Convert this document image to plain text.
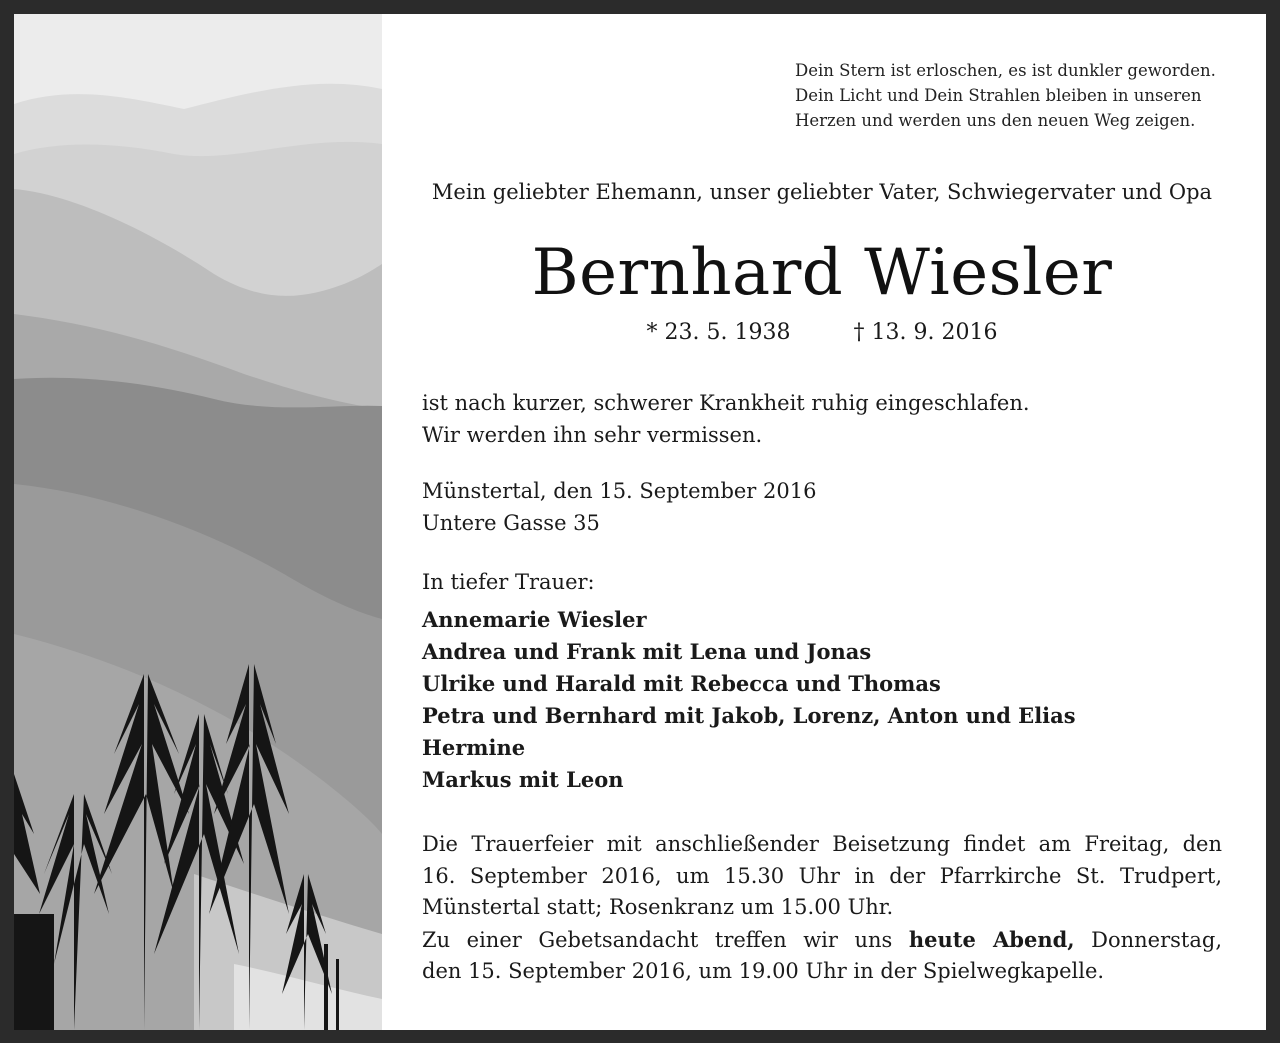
Dein Stern ist erloschen, es ist dunkler geworden.
Dein Licht und Dein Strahlen bleiben in unseren
Herzen und werden uns den neuen Weg zeigen.
Mein geliebter Ehemann, unser geliebter Vater, Schwiegervater und Opa
Bernhard Wiesler
* 23. 5. 1938	† 13. 9. 2016
ist nach kurzer, schwerer Krankheit ruhig eingeschlafen.
Wir werden ihn sehr vermissen.
Münstertal, den 15. September 2016
Untere Gasse 35
In tiefer Trauer:
Annemarie Wiesler
Andrea und Frank mit Lena und Jonas
Ulrike und Harald mit Rebecca und Thomas
Petra und Bernhard mit Jakob, Lorenz, Anton und Elias
Hermine
Markus mit Leon
Die Trauerfeier mit anschließender Beisetzung findet am Freitag, den
16. September 2016, um 15.30 Uhr in der Pfarrkirche St. Trudpert,
Münstertal statt; Rosenkranz um 15.00 Uhr.
Zu einer Gebetsandacht treffen wir uns heute Abend, Donnerstag,
den 15. September 2016, um 19.00 Uhr in der Spielwegkapelle.
